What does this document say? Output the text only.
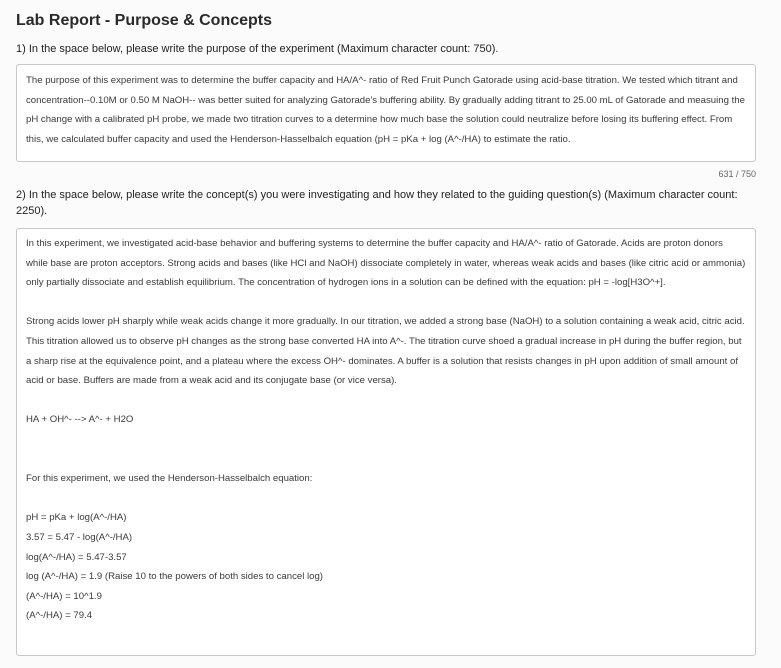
Lab Report - Purpose & Concepts

1) In the space below, please write the purpose of the experiment (Maximum character count: 750).

The purpose of this experiment was to determine the buffer capacity and HA/A^- ratio of Red Fruit Punch Gatorade using acid-base titration. We tested which titrant and concentration--0.10M or 0.50 M NaOH-- was better suited for analyzing Gatorade's buffering ability. By gradually adding titrant to 25.00 mL of Gatorade and measuing the pH change with a calibrated pH probe, we made two titration curves to a determine how much base the solution could neutralize before losing its buffering effect. From this, we calculated buffer capacity and used the Henderson-Hasselbalch equation (pH = pKa + log (A^-/HA) to estimate the ratio.
631 / 750

2) In the space below, please write the concept(s) you were investigating and how they related to the guiding question(s) (Maximum character count: 2250).

In this experiment, we investigated acid-base behavior and buffering systems to determine the buffer capacity and HA/A^- ratio of Gatorade. Acids are proton donors while base are proton acceptors. Strong acids and bases (like HCl and NaOH) dissociate completely in water, whereas weak acids and bases (like citric acid or ammonia) only partially dissociate and establish equilibrium. The concentration of hydrogen ions in a solution can be defined with the equation: pH = -log[H3O^+].

Strong acids lower pH sharply while weak acids change it more gradually. In our titration, we added a strong base (NaOH) to a solution containing a weak acid, citric acid. This titration allowed us to observe pH changes as the strong base converted HA into A^-. The titration curve shoed a gradual increase in pH during the buffer region, but a sharp rise at the equivalence point, and a plateau where the excess OH^- dominates. A buffer is a solution that resists changes in pH upon addition of small amount of acid or base. Buffers are made from a weak acid and its conjugate base (or vice versa).

HA + OH^- --> A^- + H2O

For this experiment, we used the Henderson-Hasselbalch equation:

pH = pKa + log(A^-/HA)
3.57 = 5.47 - log(A^-/HA)
log(A^-/HA) = 5.47-3.57
log (A^-/HA) = 1.9 (Raise 10 to the powers of both sides to cancel log)
(A^-/HA) = 10^1.9
(A^-/HA) = 79.4
